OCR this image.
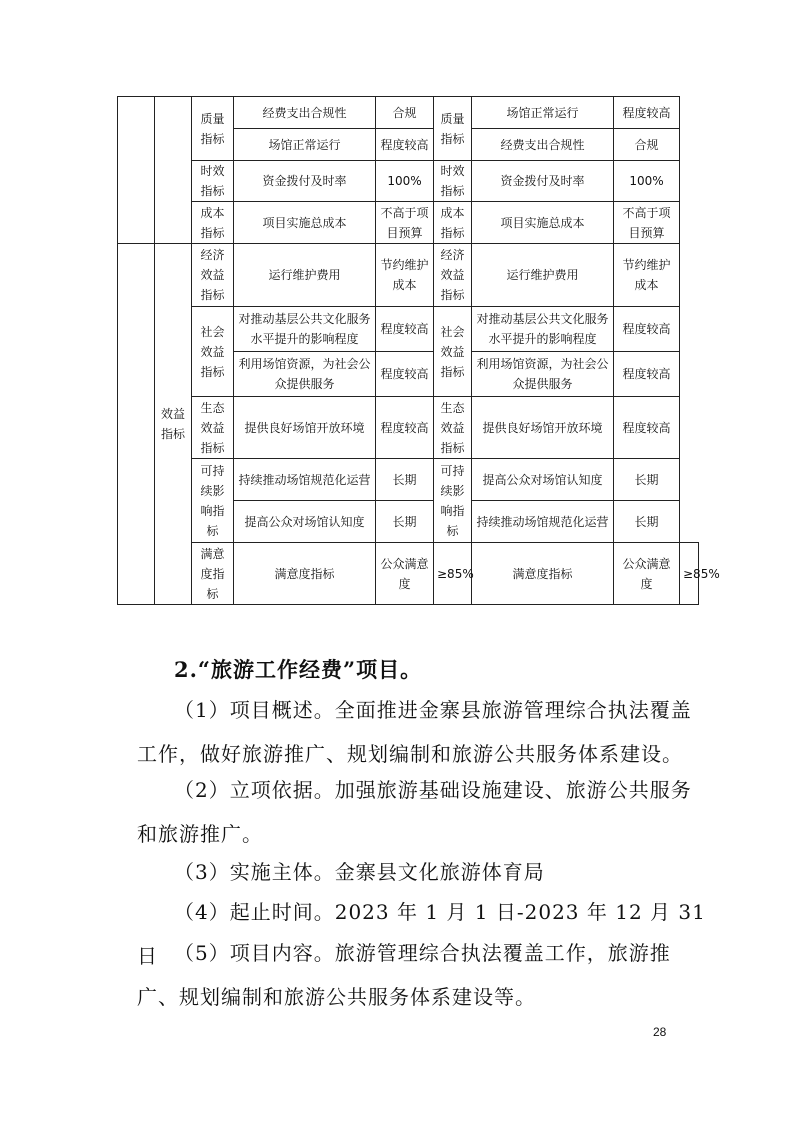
		质量指标	经费支出合规性	合规	质量指标	场馆正常运行	程度较高	
			场馆正常运行	程度较高		经费支出合规性	合规	
		时效指标	资金拨付及时率	100%	时效指标	资金拨付及时率	100%	
		成本指标	项目实施总成本	不高于项目预算	成本指标	项目实施总成本	不高于项目预算	
	效益指标	经济效益指标	运行维护费用	节约维护成本	经济效益指标	运行维护费用	节约维护成本	
		社会效益指标	对推动基层公共文化服务水平提升的影响程度	程度较高	社会效益指标	对推动基层公共文化服务水平提升的影响程度	程度较高	
			利用场馆资源，为社会公众提供服务	程度较高		利用场馆资源，为社会公众提供服务	程度较高	
		生态效益指标	提供良好场馆开放环境	程度较高	生态效益指标	提供良好场馆开放环境	程度较高	
		可持续影响指标	持续推动场馆规范化运营	长期	可持续影响指标	提高公众对场馆认知度	长期	
			提高公众对场馆认知度	长期		持续推动场馆规范化运营	长期	
		满意度指标	满意度指标	公众满意度	≥85%	满意度指标	公众满意度	≥85%

2.“旅游工作经费”项目。

（1）项目概述。全面推进金寨县旅游管理综合执法覆盖工作，做好旅游推广、规划编制和旅游公共服务体系建设。

（2）立项依据。加强旅游基础设施建设、旅游公共服务和旅游推广。

（3）实施主体。金寨县文化旅游体育局

（4）起止时间。2023 年 1 月 1 日-2023 年 12 月 31 日 （5）项目内容。旅游管理综合执法覆盖工作，旅游推广、规划编制和旅游公共服务体系建设等。

28
